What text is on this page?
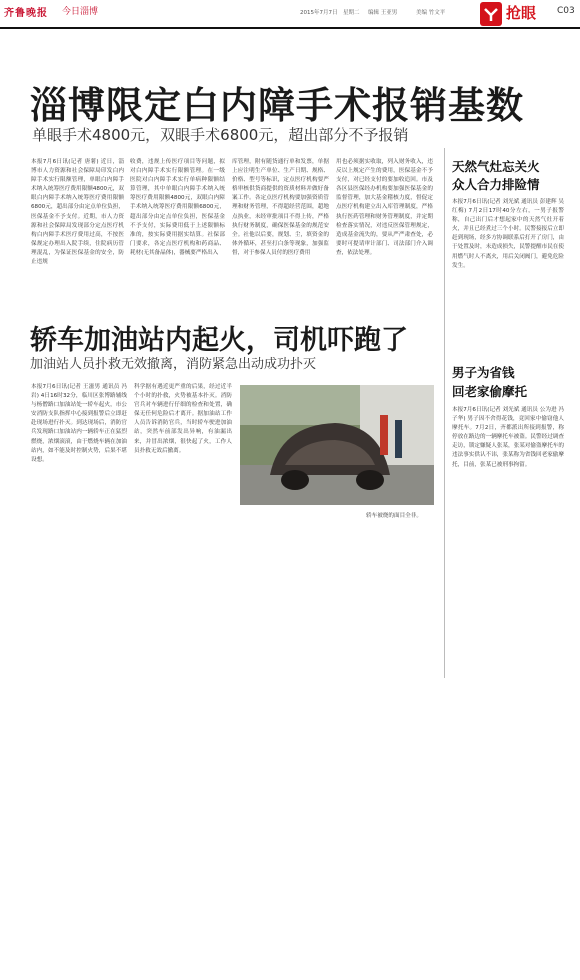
齐鲁晚报 今日淄博	2015年7月7日 星期二 编辑 王亚男	美编 竹文平	抢眼 C03
淄博限定白内障手术报销基数
单眼手术4800元，双眼手术6800元，超出部分不予报销
本报7月6日讯(记者 唐薯) 近日，淄博市人力资源和社会保障局印发白内障手术实行限额管理，单眼白内障手术纳入统筹医疗费用限额4800元，双眼白内障手术纳入统筹医疗费用限额6800元，超出部分由定点单位负担，医保基金不予支付。近期，市人力资源和社会保障局发现部分定点医疗机构白内障手术医疗费用过高，不按医保规定办理出入院手续，住院病历管理混乱，为保证医保基金的安全，防止违规
收费，违规上传医疗项目等问题，拟对白内障手术实行限额管理。在一级医院对白内障手术实行单病种限额结算管理，其中单眼白内障手术纳入统筹医疗费用限额4800元，双眼白内障手术纳入统筹医疗费用限额6800元，超出部分由定点单位负担，医保基金不予支付，实际费用低于上述限额标准的，按实际费用据实结算。社保部门要求，各定点医疗机构和药商品、耗材(无其备晶体)，器械要严格出入
库管理，附有随货通行单和发票，单据上应注明生产单位、生产日期、规格、价格、型号等标识，定点医疗机构要严格审核供货商提供的资质材料并做好备案工作。各定点医疗机构要加强资质管理和财务管理，不得超经营范围，超地点执业，未经审批项目不得上传，严格执行财务制度，确保医保基金的规范安全。社他以后要，规划、尘，填资金的体外循环，甚至打白条等现象，加强监督，对于参保人员付的医疗费用
用也必须据实收取，列入财务收入，违反以上规定产生的费用，医保基金不予支付，对已经支付的要加收追回。市及各区县医保经办机构要加强医保基金的监督管理，加大基金稽核力度，督促定点医疗机构建立出入库管理制度，严格执行医药管理和财务管理制度，并定期检查落实情况，对违反医保管理规定，造成基金流失的，要从严严肃查处，必要时可提请审计部门、司法部门介入调查，依法处理。
天然气灶忘关火
众人合力排险情
本报7月6日讯(记者 刘光斌 通讯员 彭建辉 吴红梅) 7月2日17时40分左右，一男子报警称，自己出门后才想起家中的天然气灶开着火，并且已经煮过三个小时。民警接报后立即赶到现场，经多方协调联系后打开了房门，由于处置及时，未造成损失，民警提醒市民在使用燃气时人不离火，用后关闭阀门，避免危险发生。
男子为省钱
回老家偷摩托
本报7月6日讯(记者 刘光斌 通讯员 公为进 冯子华) 男子因不舍得花钱，竟回家中偷窃他人摩托车。7月2日，齐都派出所接到报警，称停放在路边的一辆摩托车被盗。民警经过调查走访，锁定嫌疑人张某，张某对偷盗摩托车的违法事实供认不讳，张某称为省钱回老家偷摩托，目前，张某已被刑事拘留。
轿车加油站内起火，司机吓跑了
加油站人员扑救无效撤离，消防紧急出动成功扑灭
本报7月6日讯(记者 王滋男 通讯员 冯岩) 4日16时32分，临川区张博路辅线与杨僧路口加油站处一轿车起火，市公安消防支队指挥中心接到报警后立即赶赴现场进行扑灭。到达现场后，消防官兵发现路口加油站内一辆轿车正在猛烈燃烧，浓烟滚滚，由于燃烧车辆在加油站内，如不能及时控制火势，后果不堪设想。
科学据有遇近更严重的后果，经过近半个小时的扑救，火势被基本扑灭。消防官兵对车辆进行仔细的检查和处置，确保无任何危险后才离开。据加油站工作人员告诉消防官兵，当时轿车驶进加油站，突然车前部发出异响，有油漏出来，并冒出浓烟，很快起了火，工作人员扑救无效后撤离。
轿车被烧的面目全非。
